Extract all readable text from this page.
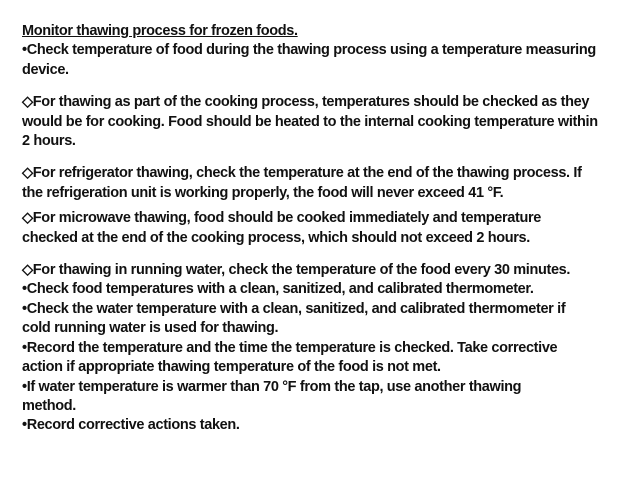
Monitor thawing process for frozen foods.
•Check temperature of food during the thawing process using a temperature measuring
device.
◇For thawing as part of the cooking process, temperatures should be checked as they
would be for cooking. Food should be heated to the internal cooking temperature within
2 hours.
◇For refrigerator thawing, check the temperature at the end of the thawing process. If
the refrigeration unit is working properly, the food will never exceed 41 °F.
◇For microwave thawing, food should be cooked immediately and temperature
checked at the end of the cooking process, which should not exceed 2 hours.
◇For thawing in running water, check the temperature of the food every 30 minutes.
•Check food temperatures with a clean, sanitized, and calibrated thermometer.
•Check the water temperature with a clean, sanitized, and calibrated thermometer if
cold running water is used for thawing.
•Record the temperature and the time the temperature is checked. Take corrective
action if appropriate thawing temperature of the food is not met.
•If water temperature is warmer than 70 °F from the tap, use another thawing
method.
•Record corrective actions taken.
